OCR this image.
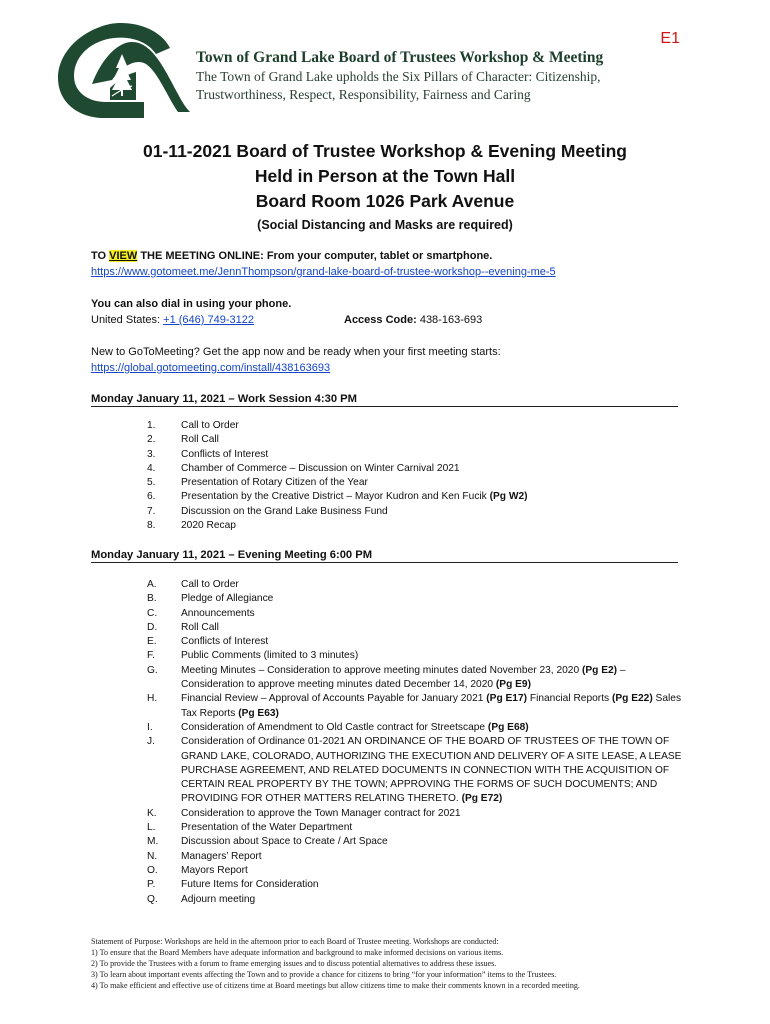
E1
Town of Grand Lake Board of Trustees Workshop & Meeting
The Town of Grand Lake upholds the Six Pillars of Character: Citizenship, Trustworthiness, Respect, Responsibility, Fairness and Caring
01-11-2021 Board of Trustee Workshop & Evening Meeting
Held in Person at the Town Hall
Board Room 1026 Park Avenue
(Social Distancing and Masks are required)
TO VIEW THE MEETING ONLINE: From your computer, tablet or smartphone.
https://www.gotomeet.me/JennThompson/grand-lake-board-of-trustee-workshop--evening-me-5
You can also dial in using your phone.
United States: +1 (646) 749-3122	Access Code: 438-163-693
New to GoToMeeting? Get the app now and be ready when your first meeting starts:
https://global.gotomeeting.com/install/438163693
Monday January 11, 2021 – Work Session 4:30 PM
1.	Call to Order
2.	Roll Call
3.	Conflicts of Interest
4.	Chamber of Commerce – Discussion on Winter Carnival 2021
5.	Presentation of Rotary Citizen of the Year
6.	Presentation by the Creative District – Mayor Kudron and Ken Fucik (Pg W2)
7.	Discussion on the Grand Lake Business Fund
8.	2020 Recap
Monday January 11, 2021 – Evening Meeting 6:00 PM
A.	Call to Order
B.	Pledge of Allegiance
C.	Announcements
D.	Roll Call
E.	Conflicts of Interest
F.	Public Comments (limited to 3 minutes)
G.	Meeting Minutes – Consideration to approve meeting minutes dated November 23, 2020 (Pg E2) – Consideration to approve meeting minutes dated December 14, 2020 (Pg E9)
H.	Financial Review – Approval of Accounts Payable for January 2021 (Pg E17) Financial Reports (Pg E22) Sales Tax Reports (Pg E63)
I.	Consideration of Amendment to Old Castle contract for Streetscape (Pg E68)
J.	Consideration of Ordinance 01-2021 AN ORDINANCE OF THE BOARD OF TRUSTEES OF THE TOWN OF GRAND LAKE, COLORADO, AUTHORIZING THE EXECUTION AND DELIVERY OF A SITE LEASE, A LEASE PURCHASE AGREEMENT, AND RELATED DOCUMENTS IN CONNECTION WITH THE ACQUISITION OF CERTAIN REAL PROPERTY BY THE TOWN; APPROVING THE FORMS OF SUCH DOCUMENTS; AND PROVIDING FOR OTHER MATTERS RELATING THERETO. (Pg E72)
K.	Consideration to approve the Town Manager contract for 2021
L.	Presentation of the Water Department
M.	Discussion about Space to Create / Art Space
N.	Managers’ Report
O.	Mayors Report
P.	Future Items for Consideration
Q.	Adjourn meeting
Statement of Purpose: Workshops are held in the afternoon prior to each Board of Trustee meeting. Workshops are conducted:
1) To ensure that the Board Members have adequate information and background to make informed decisions on various items.
2) To provide the Trustees with a forum to frame emerging issues and to discuss potential alternatives to address these issues.
3) To learn about important events affecting the Town and to provide a chance for citizens to bring “for your information” items to the Trustees.
4) To make efficient and effective use of citizens time at Board meetings but allow citizens time to make their comments known in a recorded meeting.
